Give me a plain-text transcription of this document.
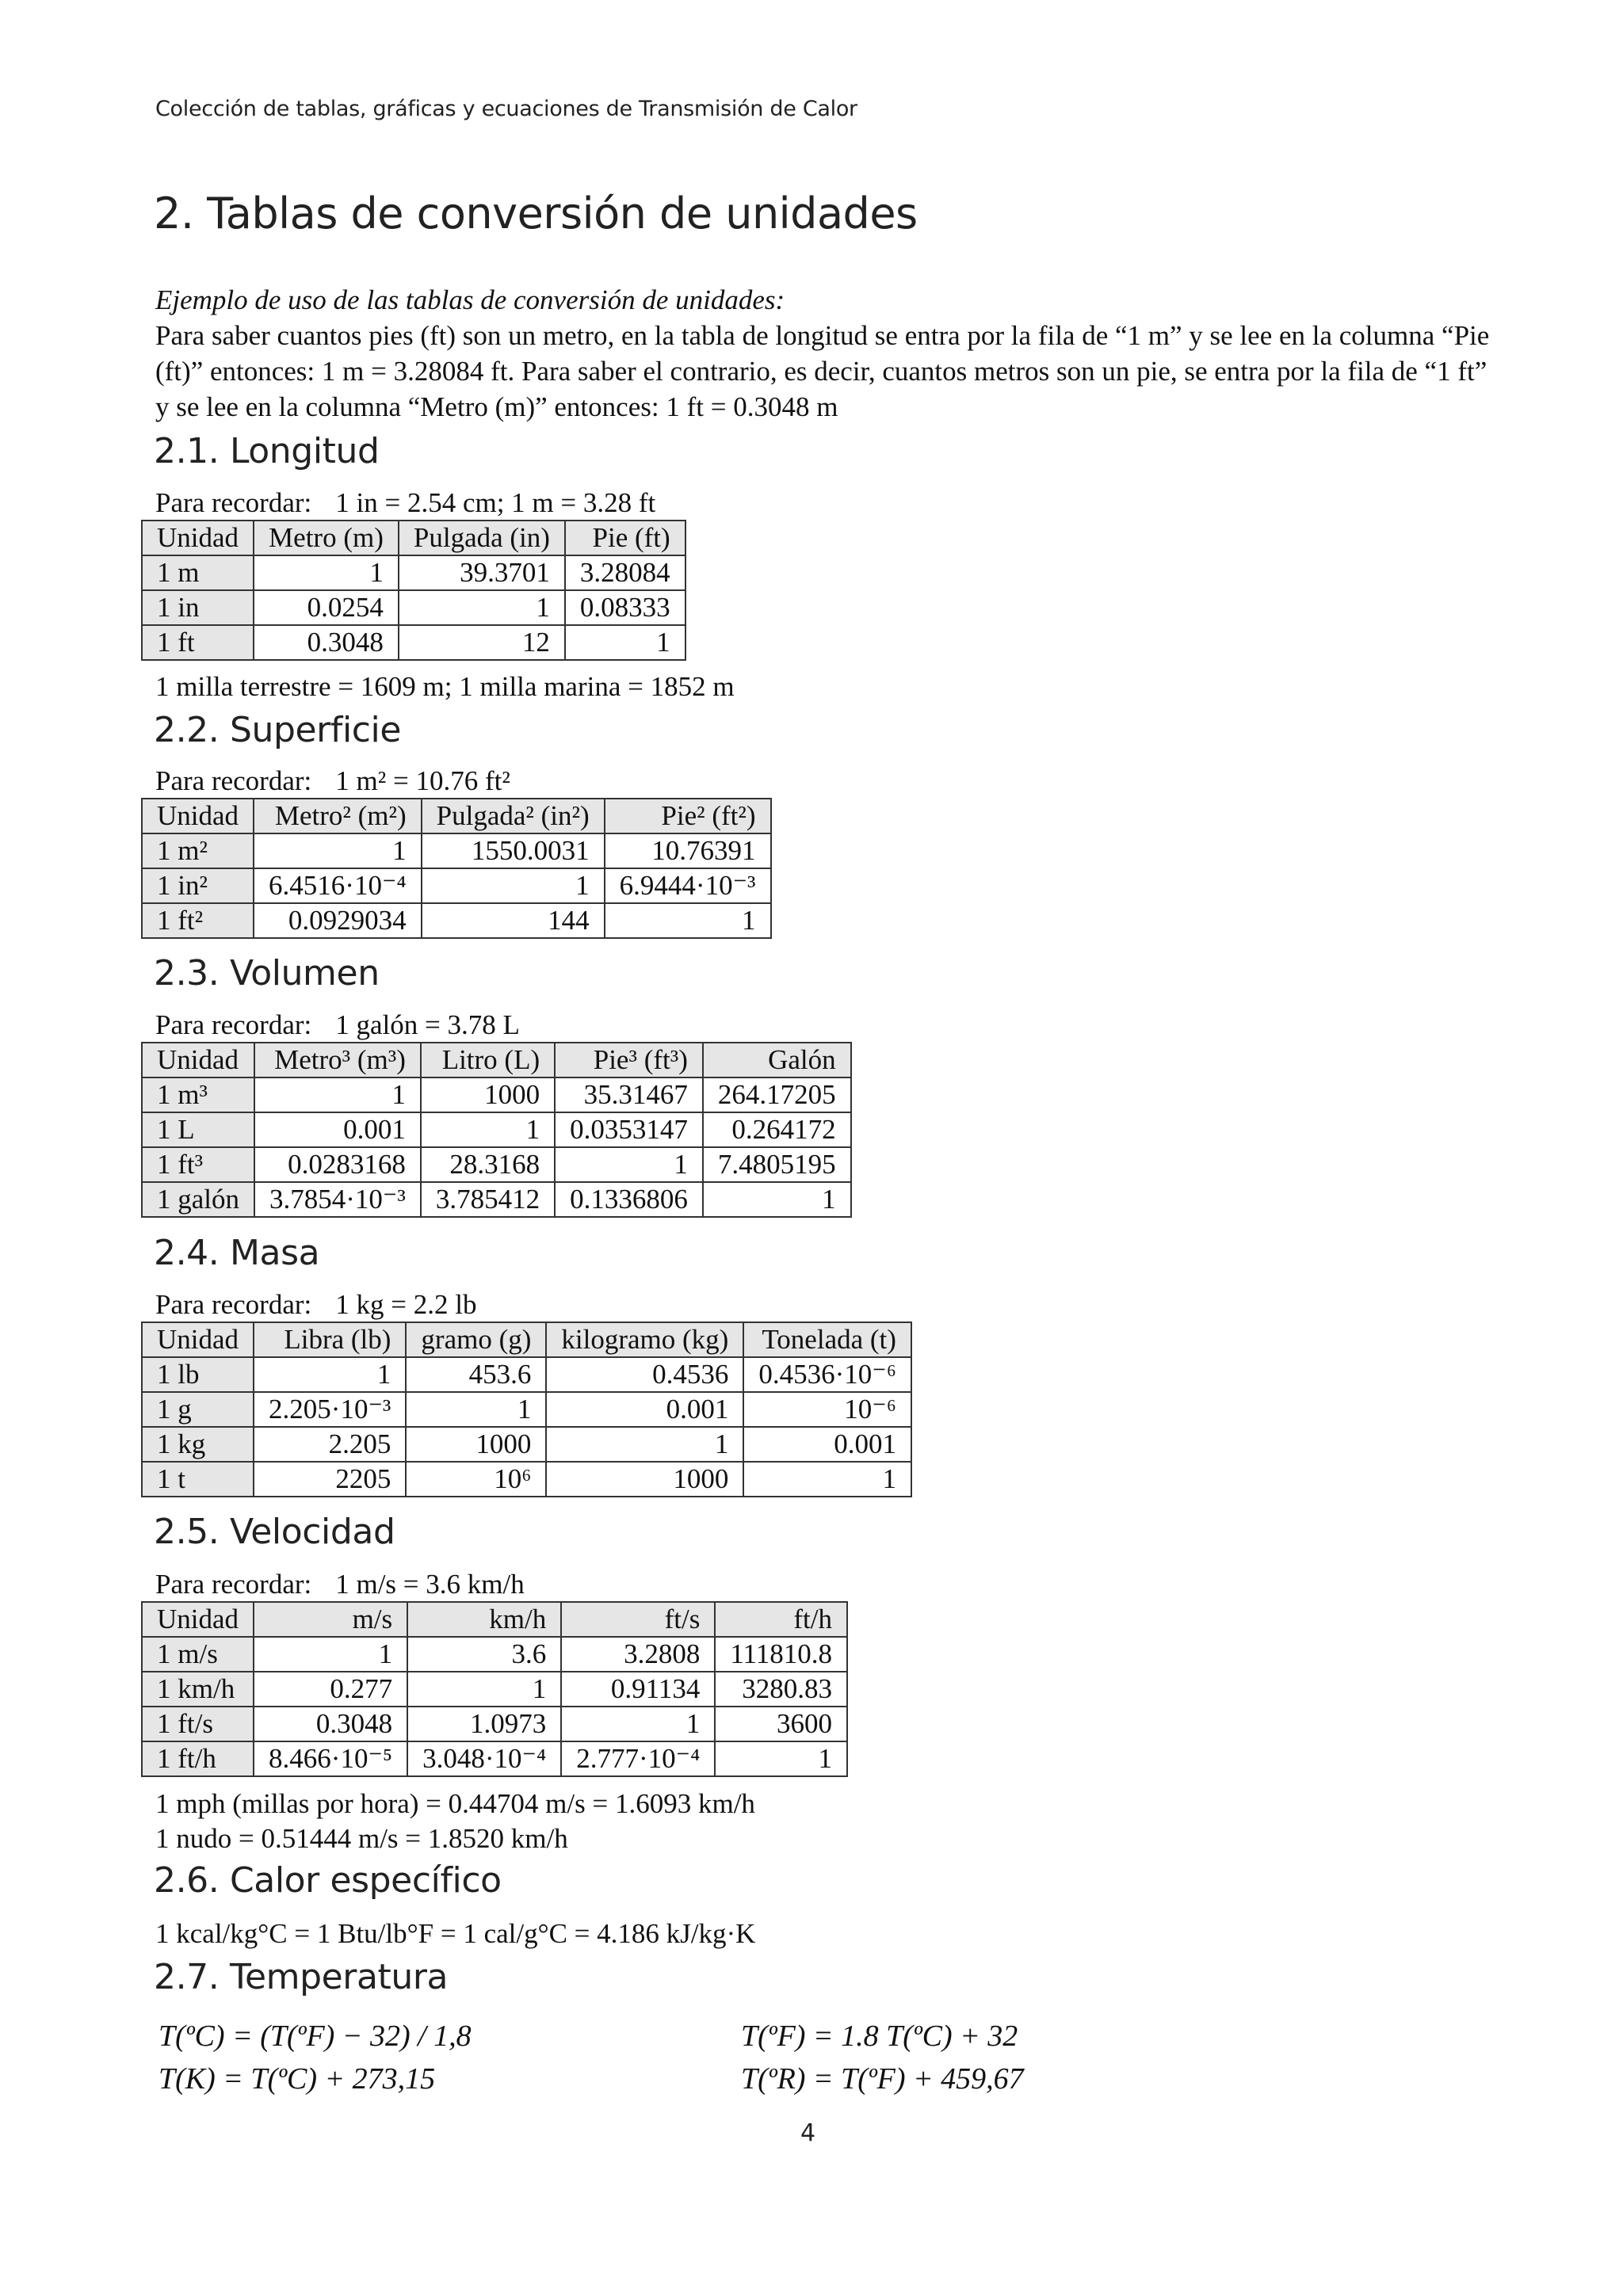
Colección de tablas, gráficas y ecuaciones de Transmisión de Calor
2. Tablas de conversión de unidades
Ejemplo de uso de las tablas de conversión de unidades:
Para saber cuantos pies (ft) son un metro, en la tabla de longitud se entra por la fila de “1 m” y se lee en la columna “Pie (ft)” entonces: 1 m = 3.28084 ft. Para saber el contrario, es decir, cuantos metros son un pie, se entra por la fila de “1 ft” y se lee en la columna “Metro (m)” entonces: 1 ft = 0.3048 m
2.1. Longitud
Para recordar: 1 in = 2.54 cm; 1 m = 3.28 ft
Unidad	Metro (m)	Pulgada (in)	Pie (ft)
1 m	1	39.3701	3.28084
1 in	0.0254	1	0.08333
1 ft	0.3048	12	1
1 milla terrestre = 1609 m; 1 milla marina = 1852 m
2.2. Superficie
Para recordar: 1 m² = 10.76 ft²
Unidad	Metro² (m²)	Pulgada² (in²)	Pie² (ft²)
1 m²	1	1550.0031	10.76391
1 in²	6.4516·10⁻⁴	1	6.9444·10⁻³
1 ft²	0.0929034	144	1
2.3. Volumen
Para recordar: 1 galón = 3.78 L
Unidad	Metro³ (m³)	Litro (L)	Pie³ (ft³)	Galón
1 m³	1	1000	35.31467	264.17205
1 L	0.001	1	0.0353147	0.264172
1 ft³	0.0283168	28.3168	1	7.4805195
1 galón	3.7854·10⁻³	3.785412	0.1336806	1
2.4. Masa
Para recordar: 1 kg = 2.2 lb
Unidad	Libra (lb)	gramo (g)	kilogramo (kg)	Tonelada (t)
1 lb	1	453.6	0.4536	0.4536·10⁻⁶
1 g	2.205·10⁻³	1	0.001	10⁻⁶
1 kg	2.205	1000	1	0.001
1 t	2205	10⁶	1000	1
2.5. Velocidad
Para recordar: 1 m/s = 3.6 km/h
Unidad	m/s	km/h	ft/s	ft/h
1 m/s	1	3.6	3.2808	111810.8
1 km/h	0.277	1	0.91134	3280.83
1 ft/s	0.3048	1.0973	1	3600
1 ft/h	8.466·10⁻⁵	3.048·10⁻⁴	2.777·10⁻⁴	1
1 mph (millas por hora) = 0.44704 m/s = 1.6093 km/h
1 nudo = 0.51444 m/s = 1.8520 km/h
2.6. Calor específico
1 kcal/kg°C = 1 Btu/lb°F = 1 cal/g°C = 4.186 kJ/kg·K
2.7. Temperatura
T(ºC) = (T(ºF) − 32) / 1,8	T(ºF) = 1.8 T(ºC) + 32
T(K) = T(ºC) + 273,15	T(ºR) = T(ºF) + 459,67
4
